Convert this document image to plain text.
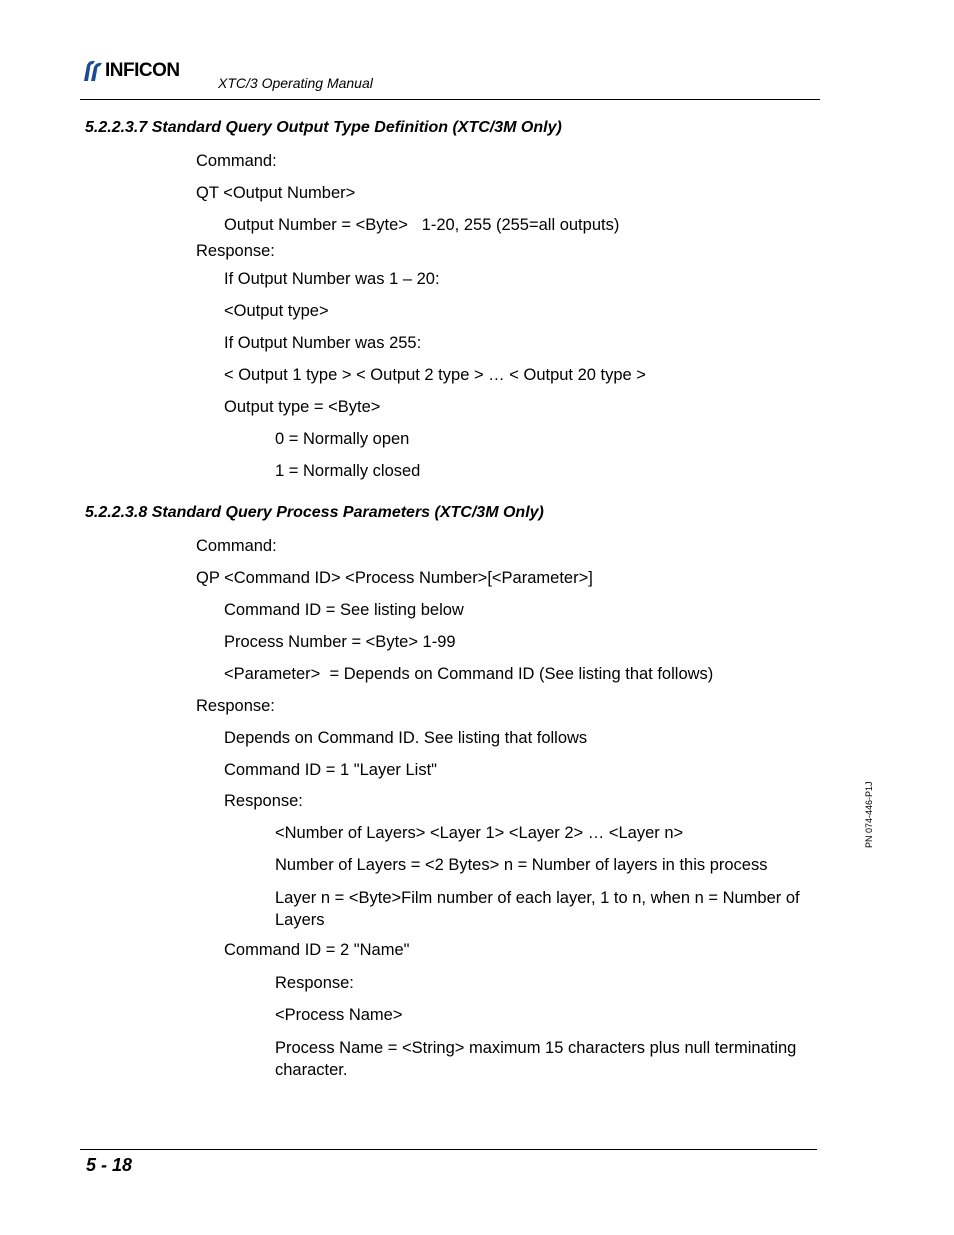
INFICON
XTC/3 Operating Manual
5.2.2.3.7 Standard Query Output Type Definition (XTC/3M Only)
Command:
QT <Output Number>
Output Number = <Byte>   1-20, 255 (255=all outputs)
Response:
If Output Number was 1 – 20:
<Output type>
If Output Number was 255:
< Output 1 type > < Output 2 type > … < Output 20 type >
Output type = <Byte>
0 = Normally open
1 = Normally closed
5.2.2.3.8 Standard Query Process Parameters (XTC/3M Only)
Command:
QP <Command ID> <Process Number>[<Parameter>]
Command ID = See listing below
Process Number = <Byte> 1-99
<Parameter>  = Depends on Command ID (See listing that follows)
Response:
Depends on Command ID. See listing that follows
Command ID = 1 "Layer List"
Response:
<Number of Layers> <Layer 1> <Layer 2> … <Layer n>
Number of Layers = <2 Bytes> n = Number of layers in this process
Layer n = <Byte>Film number of each layer, 1 to n, when n = Number of Layers
Command ID = 2 "Name"
Response:
<Process Name>
Process Name = <String> maximum 15 characters plus null terminating character.
PN 074-446-P1J
5 - 18
